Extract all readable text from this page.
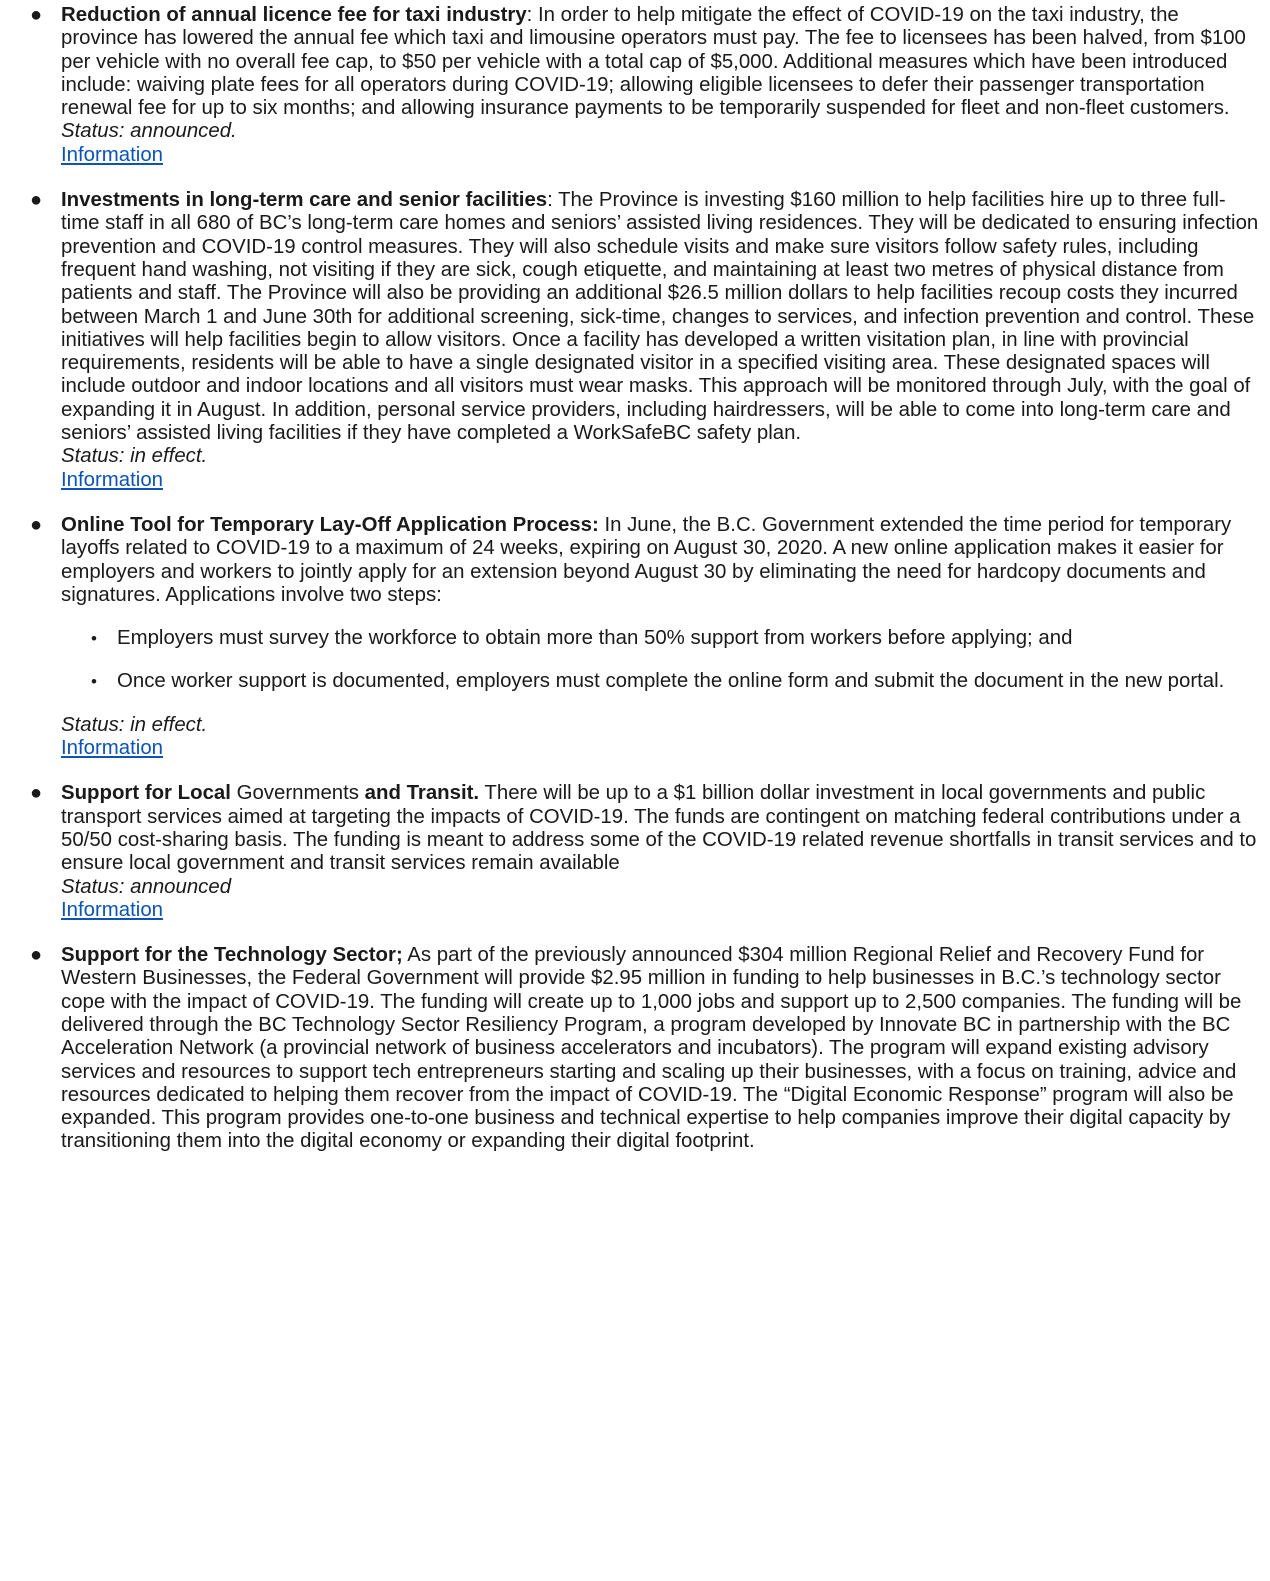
● Reduction of annual licence fee for taxi industry: In order to help mitigate the effect of COVID-19 on the taxi industry, the province has lowered the annual fee which taxi and limousine operators must pay. The fee to licensees has been halved, from $100 per vehicle with no overall fee cap, to $50 per vehicle with a total cap of $5,000. Additional measures which have been introduced include: waiving plate fees for all operators during COVID-19; allowing eligible licensees to defer their passenger transportation renewal fee for up to six months; and allowing insurance payments to be temporarily suspended for fleet and non-fleet customers.
Status: announced.
Information
● Investments in long-term care and senior facilities: The Province is investing $160 million to help facilities hire up to three full-time staff in all 680 of BC’s long-term care homes and seniors’ assisted living residences. They will be dedicated to ensuring infection prevention and COVID-19 control measures. They will also schedule visits and make sure visitors follow safety rules, including frequent hand washing, not visiting if they are sick, cough etiquette, and maintaining at least two metres of physical distance from patients and staff. The Province will also be providing an additional $26.5 million dollars to help facilities recoup costs they incurred between March 1 and June 30th for additional screening, sick-time, changes to services, and infection prevention and control. These initiatives will help facilities begin to allow visitors. Once a facility has developed a written visitation plan, in line with provincial requirements, residents will be able to have a single designated visitor in a specified visiting area. These designated spaces will include outdoor and indoor locations and all visitors must wear masks. This approach will be monitored through July, with the goal of expanding it in August. In addition, personal service providers, including hairdressers, will be able to come into long-term care and seniors’ assisted living facilities if they have completed a WorkSafeBC safety plan.
Status: in effect.
Information
● Online Tool for Temporary Lay-Off Application Process: In June, the B.C. Government extended the time period for temporary layoffs related to COVID-19 to a maximum of 24 weeks, expiring on August 30, 2020. A new online application makes it easier for employers and workers to jointly apply for an extension beyond August 30 by eliminating the need for hardcopy documents and signatures. Applications involve two steps:
• Employers must survey the workforce to obtain more than 50% support from workers before applying; and
• Once worker support is documented, employers must complete the online form and submit the document in the new portal.
Status: in effect.
Information
● Support for Local Governments and Transit. There will be up to a $1 billion dollar investment in local governments and public transport services aimed at targeting the impacts of COVID-19. The funds are contingent on matching federal contributions under a 50/50 cost-sharing basis. The funding is meant to address some of the COVID-19 related revenue shortfalls in transit services and to ensure local government and transit services remain available
Status: announced
Information
● Support for the Technology Sector; As part of the previously announced $304 million Regional Relief and Recovery Fund for Western Businesses, the Federal Government will provide $2.95 million in funding to help businesses in B.C.’s technology sector cope with the impact of COVID-19. The funding will create up to 1,000 jobs and support up to 2,500 companies. The funding will be delivered through the BC Technology Sector Resiliency Program, a program developed by Innovate BC in partnership with the BC Acceleration Network (a provincial network of business accelerators and incubators). The program will expand existing advisory services and resources to support tech entrepreneurs starting and scaling up their businesses, with a focus on training, advice and resources dedicated to helping them recover from the impact of COVID-19. The “Digital Economic Response” program will also be expanded. This program provides one-to-one business and technical expertise to help companies improve their digital capacity by transitioning them into the digital economy or expanding their digital footprint.
